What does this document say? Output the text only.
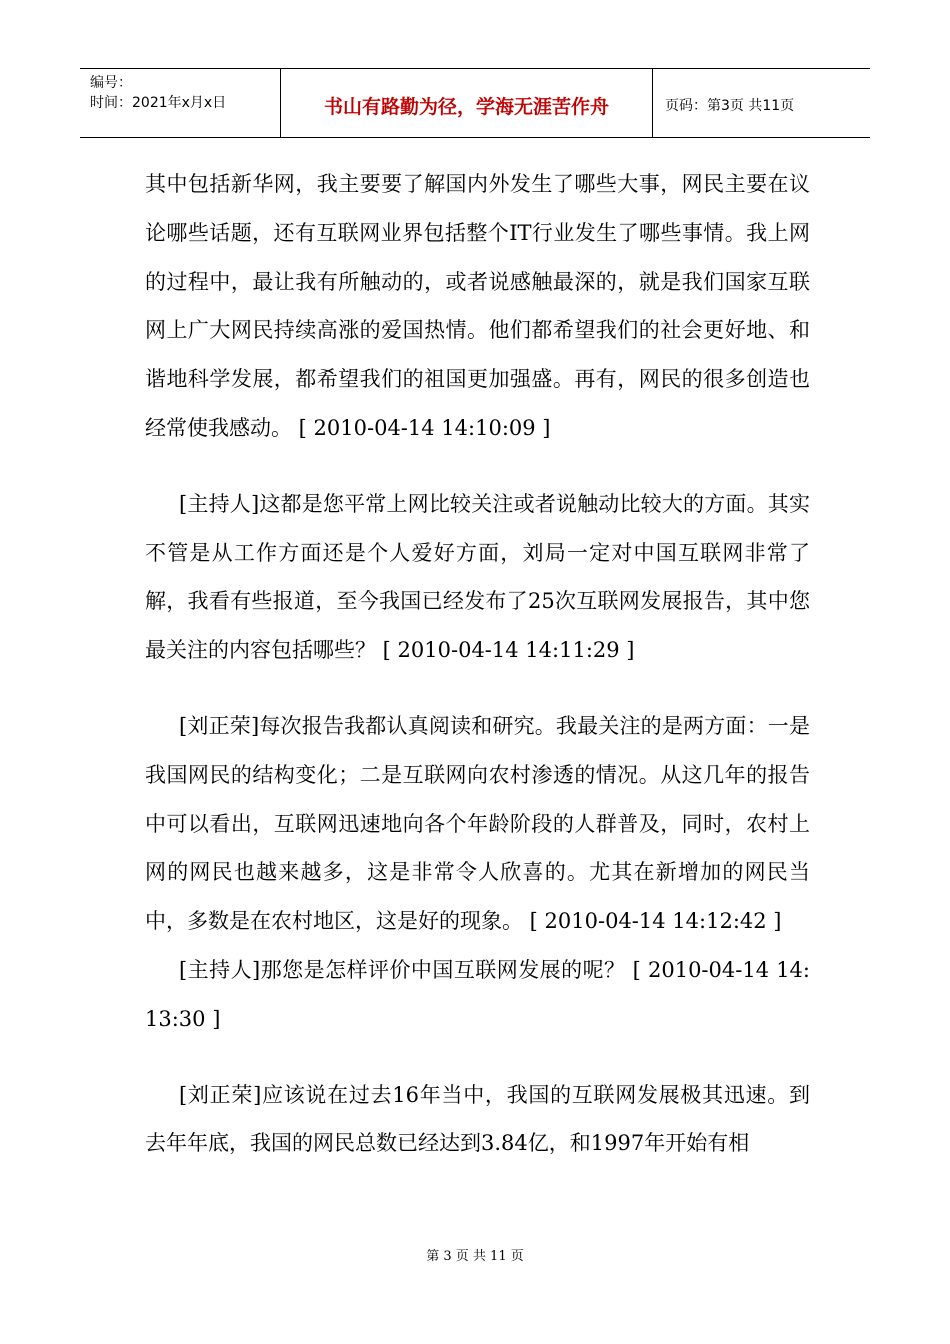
编号：
时间：2021年x月x日	书山有路勤为径，学海无涯苦作舟	页码：第3页 共11页

其中包括新华网，我主要要了解国内外发生了哪些大事，网民主要在议论哪些话题，还有互联网业界包括整个IT行业发生了哪些事情。我上网的过程中，最让我有所触动的，或者说感触最深的，就是我们国家互联网上广大网民持续高涨的爱国热情。他们都希望我们的社会更好地、和谐地科学发展，都希望我们的祖国更加强盛。再有，网民的很多创造也经常使我感动。 [ 2010-04-14 14:10:09 ]

[主持人]这都是您平常上网比较关注或者说触动比较大的方面。其实不管是从工作方面还是个人爱好方面，刘局一定对中国互联网非常了解，我看有些报道，至今我国已经发布了25次互联网发展报告，其中您最关注的内容包括哪些？ [ 2010-04-14 14:11:29 ]

[刘正荣]每次报告我都认真阅读和研究。我最关注的是两方面：一是我国网民的结构变化；二是互联网向农村渗透的情况。从这几年的报告中可以看出，互联网迅速地向各个年龄阶段的人群普及，同时，农村上网的网民也越来越多，这是非常令人欣喜的。尤其在新增加的网民当中，多数是在农村地区，这是好的现象。 [ 2010-04-14 14:12:42 ]

[主持人]那您是怎样评价中国互联网发展的呢？ [ 2010-04-14 14:13:30 ]

[刘正荣]应该说在过去16年当中，我国的互联网发展极其迅速。到去年年底，我国的网民总数已经达到3.84亿，和1997年开始有相

第 3 页 共 11 页
